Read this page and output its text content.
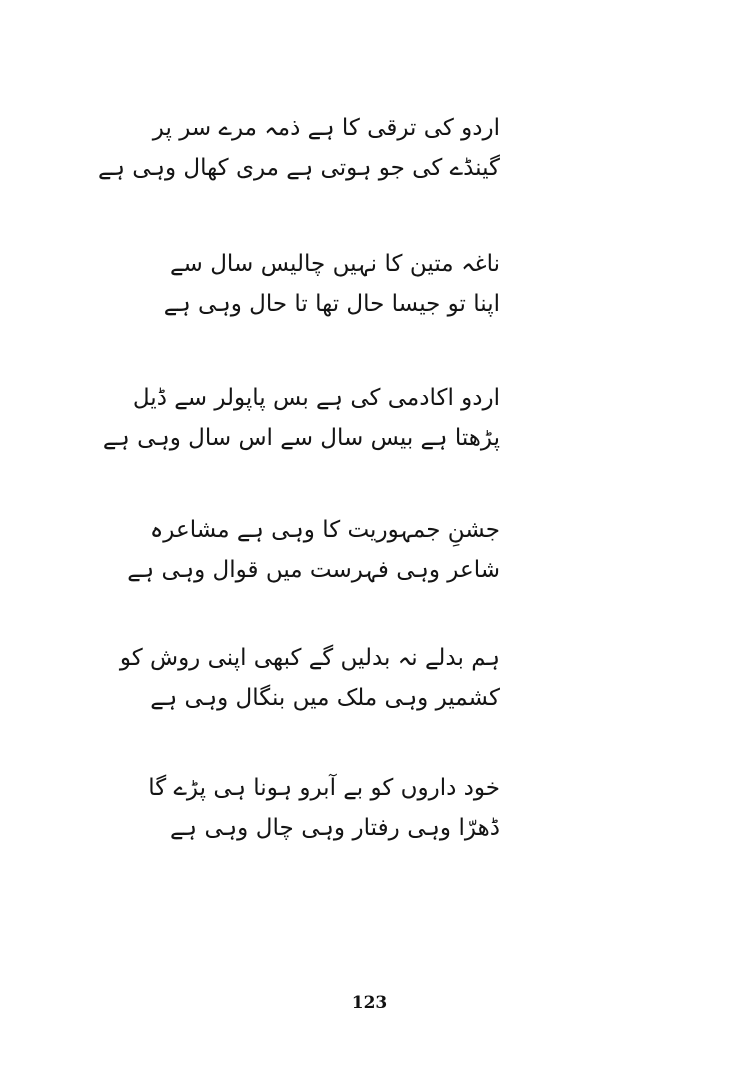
اردو کی ترقی کا ہے ذمہ مرے سر پر
گینڈے کی جو ہوتی ہے مری کھال وہی ہے
ناغہ متین کا نہیں چالیس سال سے
اپنا تو جیسا حال تھا تا حال وہی ہے
اردو اکادمی کی ہے بس پاپولر سے ڈیل
پڑھتا ہے بیس سال سے اس سال وہی ہے
جشنِ جمہوریت کا وہی ہے مشاعرہ
شاعر وہی فہرست میں قوال وہی ہے
ہم بدلے نہ بدلیں گے کبھی اپنی روش کو
کشمیر وہی ملک میں بنگال وہی ہے
خود داروں کو بے آبرو ہونا ہی پڑے گا
ڈھرّا وہی رفتار وہی چال وہی ہے
123
